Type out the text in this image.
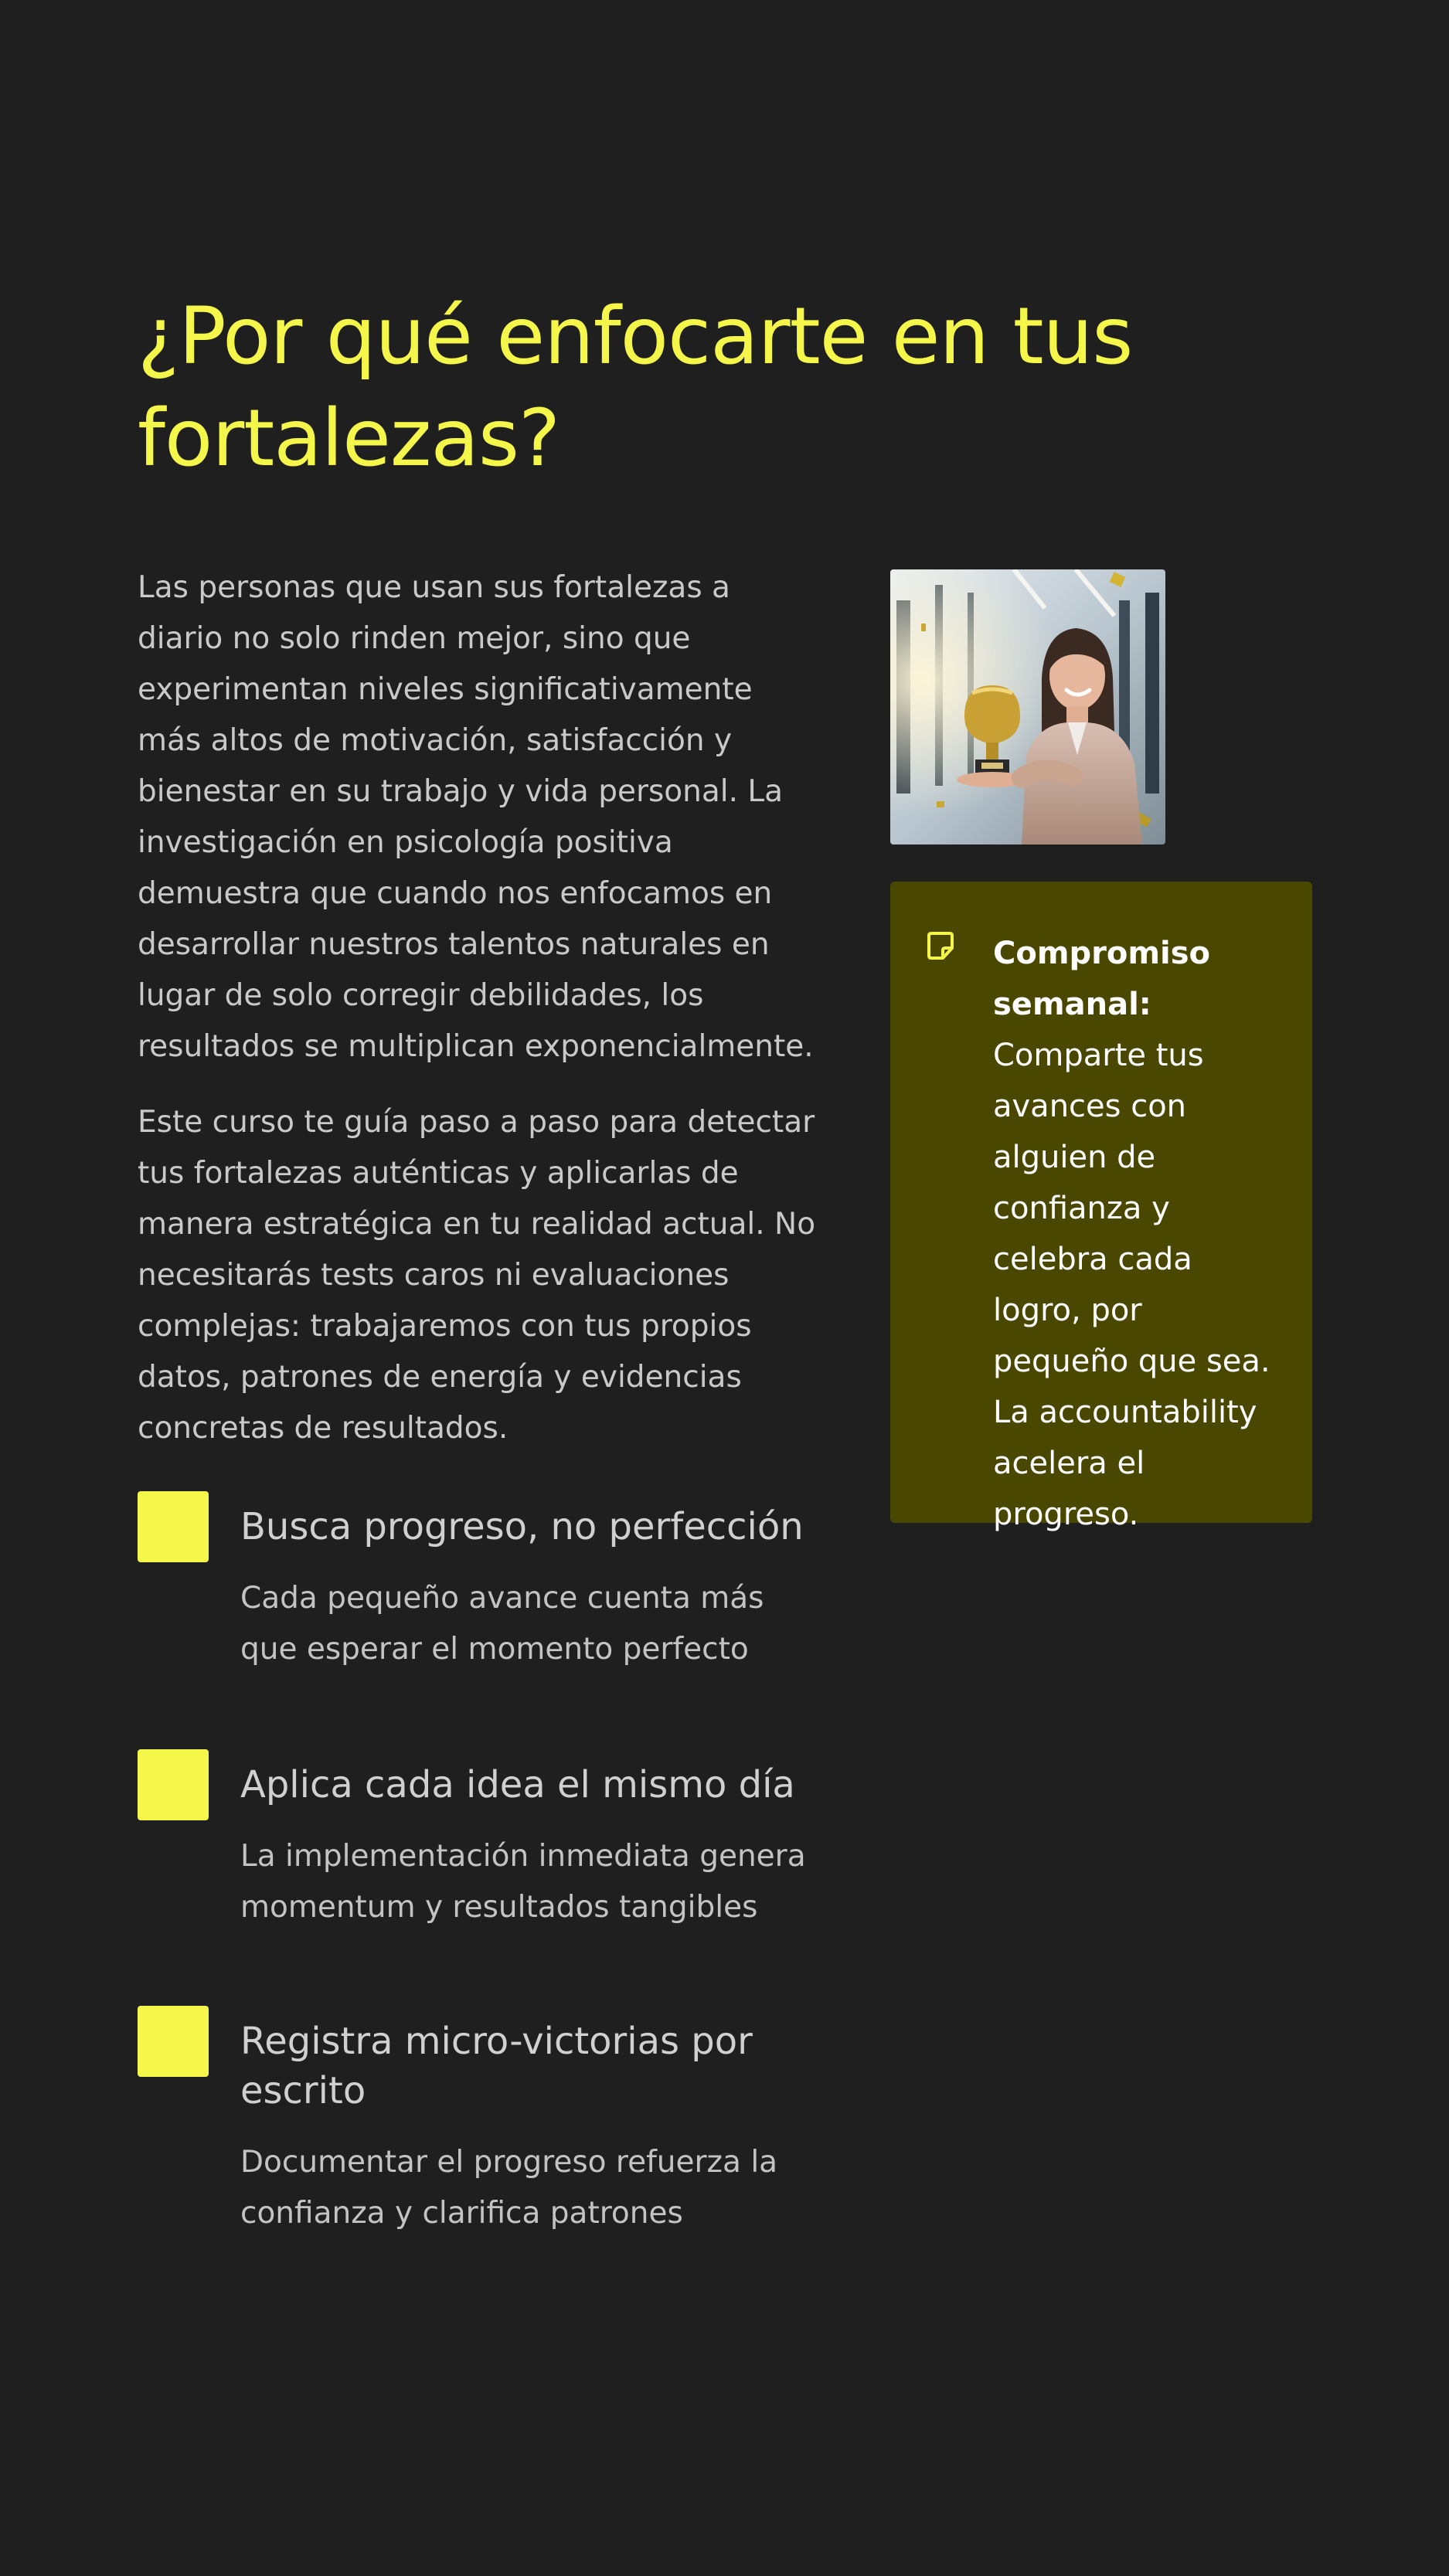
¿Por qué enfocarte en tus fortalezas?

Las personas que usan sus fortalezas a diario no solo rinden mejor, sino que experimentan niveles significativamente más altos de motivación, satisfacción y bienestar en su trabajo y vida personal. La investigación en psicología positiva demuestra que cuando nos enfocamos en desarrollar nuestros talentos naturales en lugar de solo corregir debilidades, los resultados se multiplican exponencialmente.

Este curso te guía paso a paso para detectar tus fortalezas auténticas y aplicarlas de manera estratégica en tu realidad actual. No necesitarás tests caros ni evaluaciones complejas: trabajaremos con tus propios datos, patrones de energía y evidencias concretas de resultados.

Busca progreso, no perfección

Cada pequeño avance cuenta más que esperar el momento perfecto

Aplica cada idea el mismo día

La implementación inmediata genera momentum y resultados tangibles

Registra micro-victorias por escrito

Documentar el progreso refuerza la confianza y clarifica patrones

Compromiso semanal: Comparte tus avances con alguien de confianza y celebra cada logro, por pequeño que sea. La accountability acelera el progreso.
